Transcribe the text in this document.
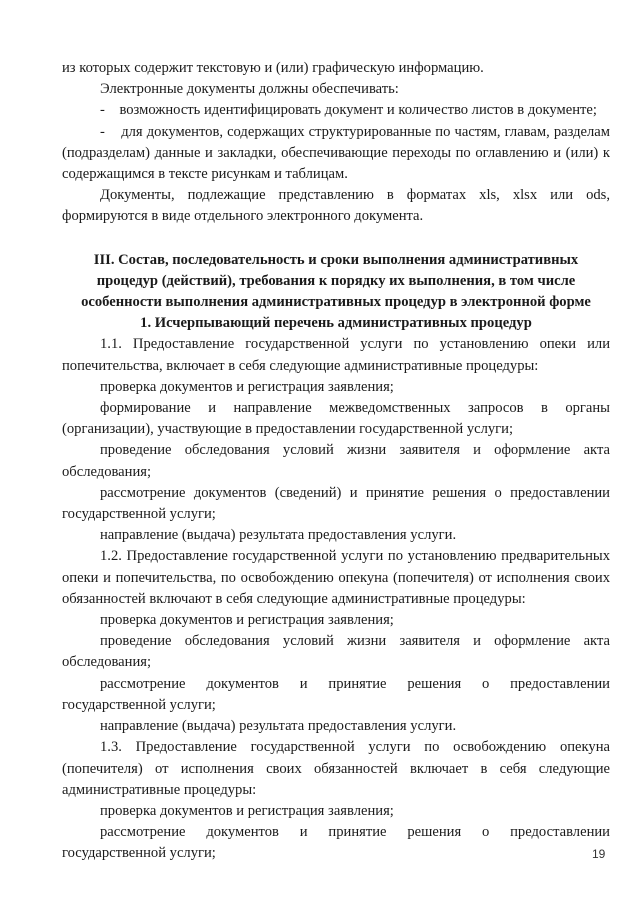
из которых содержит текстовую и (или) графическую информацию.

Электронные документы должны обеспечивать:

-    возможность идентифицировать документ и количество листов в документе;

-    для документов, содержащих структурированные по частям, главам, разделам (подразделам) данные и закладки, обеспечивающие переходы по оглавлению и (или) к содержащимся в тексте рисункам и таблицам.

Документы, подлежащие представлению в форматах xls, xlsx или ods, формируются в виде отдельного электронного документа.

III. Состав, последовательность и сроки выполнения административных процедур (действий), требования к порядку их выполнения, в том числе особенности выполнения административных процедур в электронной форме

1. Исчерпывающий перечень административных процедур

1.1. Предоставление государственной услуги по установлению опеки или попечительства, включает в себя следующие административные процедуры:

проверка документов и регистрация заявления;

формирование и направление межведомственных запросов в органы (организации), участвующие в предоставлении государственной услуги;

проведение обследования условий жизни заявителя и оформление акта обследования;

рассмотрение документов (сведений) и принятие решения о предоставлении государственной услуги;

направление (выдача) результата предоставления услуги.

1.2. Предоставление государственной услуги по установлению предварительных опеки и попечительства, по освобождению опекуна (попечителя) от исполнения своих обязанностей включают в себя следующие административные процедуры:

проверка документов и регистрация заявления;

проведение обследования условий жизни заявителя и оформление акта обследования;

рассмотрение документов и принятие решения о предоставлении государственной услуги;

направление (выдача) результата предоставления услуги.

1.3. Предоставление государственной услуги по освобождению опекуна (попечителя) от исполнения своих обязанностей включает в себя следующие административные процедуры:

проверка документов и регистрация заявления;

рассмотрение документов и принятие решения о предоставлении государственной услуги;	19
